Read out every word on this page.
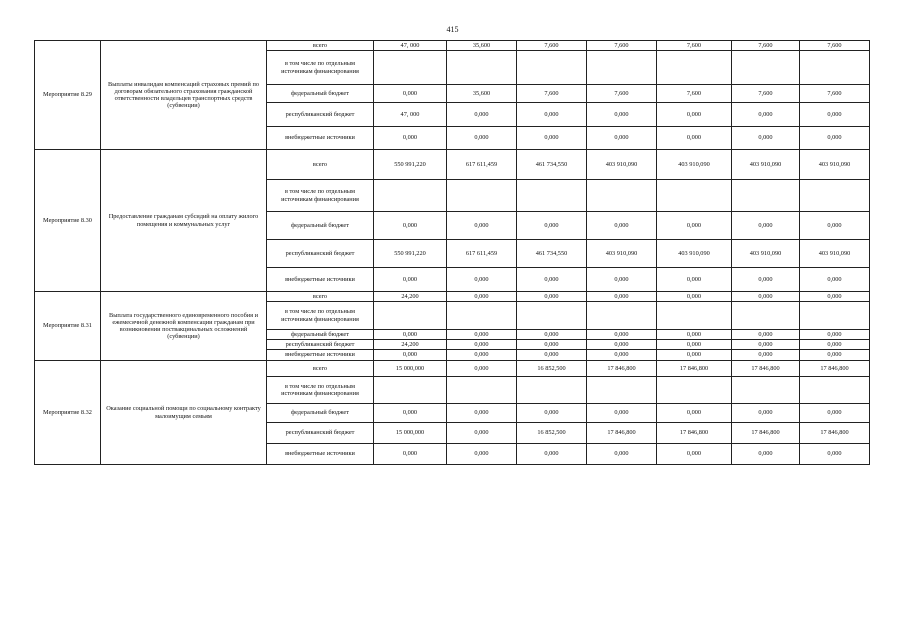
415
Мероприятие 8.29	Выплаты инвалидам компенсаций страховых премий по договорам обязательного страхования гражданской ответственности владельцев транспортных средств (субвенции)	всего	47, 000	35,600	7,600	7,600	7,600	7,600	7,600
		в том числе по отдельным источникам финансирования							
		федеральный бюджет	0,000	35,600	7,600	7,600	7,600	7,600	7,600
		республиканский бюджет	47, 000	0,000	0,000	0,000	0,000	0,000	0,000
		внебюджетные источники	0,000	0,000	0,000	0,000	0,000	0,000	0,000
Мероприятие 8.30	Предоставление гражданам субсидий на оплату жилого помещения и коммунальных услуг	всего	550 991,220	617 611,459	461 734,550	403 910,090	403 910,090	403 910,090	403 910,090
		в том числе по отдельным источникам финансирования							
		федеральный бюджет	0,000	0,000	0,000	0,000	0,000	0,000	0,000
		республиканский бюджет	550 991,220	617 611,459	461 734,550	403 910,090	403 910,090	403 910,090	403 910,090
		внебюджетные источники	0,000	0,000	0,000	0,000	0,000	0,000	0,000
Мероприятие 8.31	Выплата государственного единовременного пособия и ежемесячной денежной компенсации гражданам при возникновении поствакцинальных осложнений (субвенции)	всего	24,200	0,000	0,000	0,000	0,000	0,000	0,000
		в том числе по отдельным источникам финансирования							
		федеральный бюджет	0,000	0,000	0,000	0,000	0,000	0,000	0,000
		республиканский бюджет	24,200	0,000	0,000	0,000	0,000	0,000	0,000
		внебюджетные источники	0,000	0,000	0,000	0,000	0,000	0,000	0,000
Мероприятие 8.32	Оказание социальной помощи по социальному контракту малоимущим семьям	всего	15 000,000	0,000	16 852,500	17 846,800	17 846,800	17 846,800	17 846,800
		в том числе по отдельным источникам финансирования							
		федеральный бюджет	0,000	0,000	0,000	0,000	0,000	0,000	0,000
		республиканский бюджет	15 000,000	0,000	16 852,500	17 846,800	17 846,800	17 846,800	17 846,800
		внебюджетные источники	0,000	0,000	0,000	0,000	0,000	0,000	0,000
